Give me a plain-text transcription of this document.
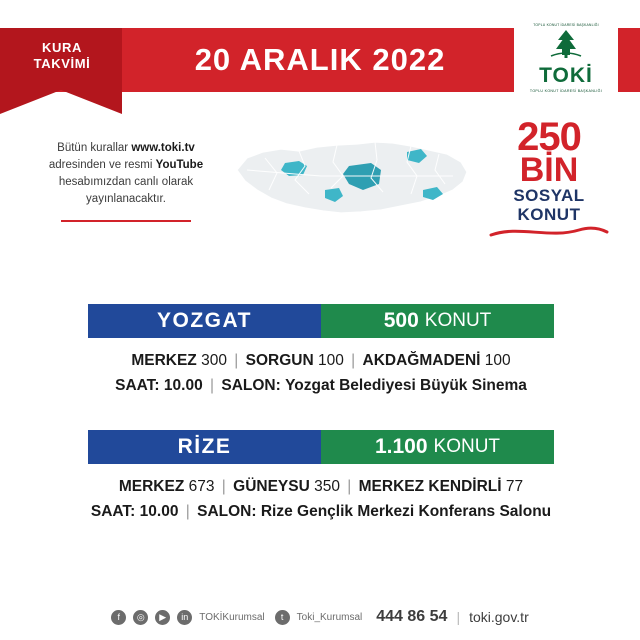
20 ARALIK 2022
KURA
TAKVİMİ
TOPLU KONUT İDARESİ BAŞKANLIĞI
TOKİ
TOPLU KONUT İDARESİ BAŞKANLIĞI

Bütün kurallar www.toki.tv
adresinden ve resmi YouTube
hesabımızdan canlı olarak
yayınlanacaktır.

250
BİN
SOSYAL
KONUT
YOZGAT	500 KONUT
MERKEZ 300 | SORGUN 100 | AKDAĞMADENİ 100
SAAT: 10.00 | SALON: Yozgat Belediyesi Büyük Sinema
RİZE	1.100 KONUT
MERKEZ 673 | GÜNEYSU 350 | MERKEZ KENDİRLİ 77
SAAT: 10.00 | SALON: Rize Gençlik Merkezi Konferans Salonu
f	◎	▶	in	TOKİKurumsal	t	Toki_Kurumsal 444 86 54 | toki.gov.tr
